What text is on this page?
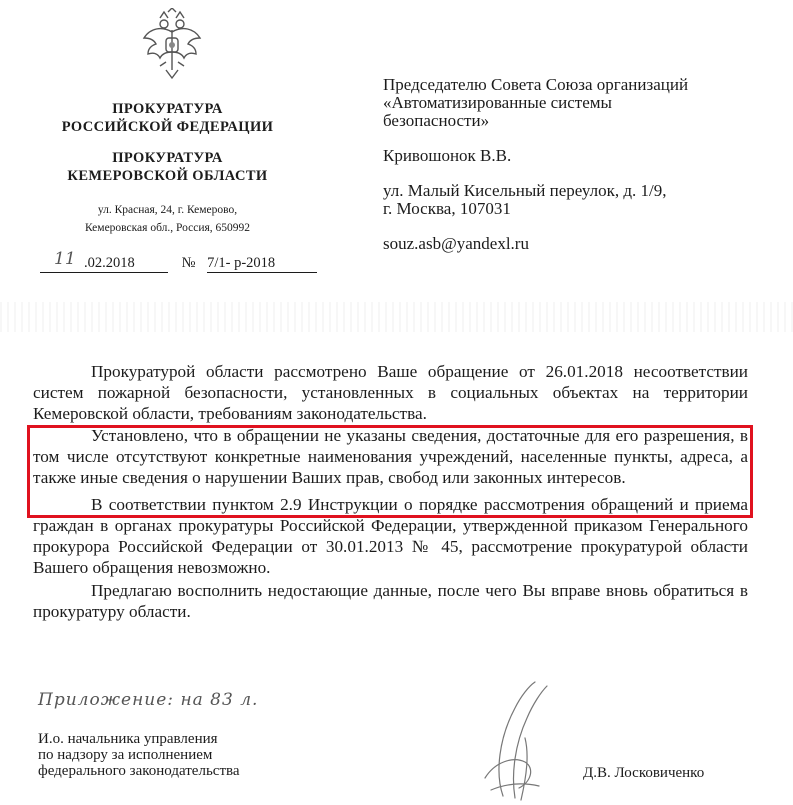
ПРОКУРАТУРА
РОССИЙСКОЙ ФЕДЕРАЦИИ
ПРОКУРАТУРА
КЕМЕРОВСКОЙ ОБЛАСТИ
ул. Красная, 24, г. Кемерово,
Кемеровская обл., Россия, 650992
11 .02.2018	№ 7/1- р-2018
Председателю Совета Союза организаций
«Автоматизированные системы
безопасности»
Кривошонок В.В.
ул. Малый Кисельный переулок, д. 1/9,
г. Москва, 107031
souz.asb@yandexl.ru

Прокуратурой области рассмотрено Ваше обращение от 26.01.2018 несоответствии систем пожарной безопасности, установленных в социальных объектах на территории Кемеровской области, требованиям законодательства.

Установлено, что в обращении не указаны сведения, достаточные для его разрешения, в том числе отсутствуют конкретные наименования учреждений, населенные пункты, адреса, а также иные сведения о нарушении Ваших прав, свобод или законных интересов.

В соответствии пунктом 2.9 Инструкции о порядке рассмотрения обращений и приема граждан в органах прокуратуры Российской Федерации, утвержденной приказом Генерального прокурора Российской Федерации от 30.01.2013 № 45, рассмотрение прокуратурой области Вашего обращения невозможно.

Предлагаю восполнить недостающие данные, после чего Вы вправе вновь обратиться в прокуратуру области.

Приложение: на 83 л.
И.о. начальника управления
по надзору за исполнением
федерального законодательства	Д.В. Лосковиченко
